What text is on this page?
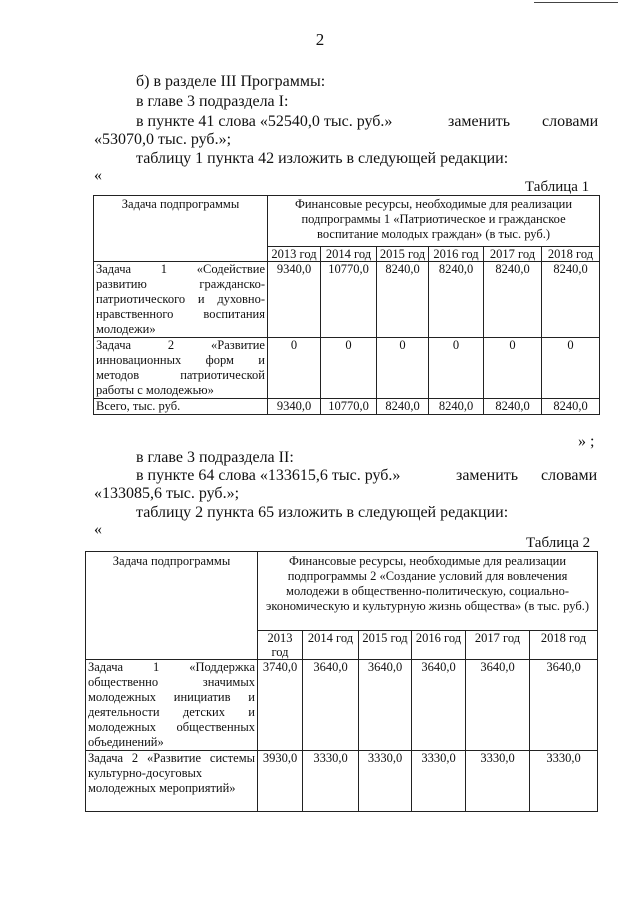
2
б) в разделе III Программы:
в главе 3 подраздела I:
в пункте 41 слова «52540,0 тыс. руб.»	заменить словами
«53070,0 тыс. руб.»;
таблицу 1 пункта 42 изложить в следующей редакции:
«
Таблица 1
Задача подпрограммы	Финансовые ресурсы, необходимые для реализации подпрограммы 1 «Патриотическое и гражданское воспитание молодых граждан» (в тыс. руб.)					
	2013 год	2014 год	2015 год	2016 год	2017 год	2018 год
Задача 1 «Содействие развитию гражданско-патриотического и духовно-нравственного воспитания молодежи»	9340,0	10770,0	8240,0	8240,0	8240,0	8240,0
Задача 2 «Развитие инновационных форм и методов патриотической работы с молодежью»	0	0	0	0	0	0
Всего, тыс. руб.	9340,0	10770,0	8240,0	8240,0	8240,0	8240,0
» ;
в главе 3 подраздела II:
в пункте 64 слова «133615,6 тыс. руб.»	заменить словами
«133085,6 тыс. руб.»;
таблицу 2 пункта 65 изложить в следующей редакции:
«
Таблица 2
Задача подпрограммы	Финансовые ресурсы, необходимые для реализации подпрограммы 2 «Создание условий для вовлечения молодежи в общественно-политическую, социально-экономическую и культурную жизнь общества» (в тыс. руб.)					
	2013 год	2014 год	2015 год	2016 год	2017 год	2018 год
Задача 1 «Поддержка общественно значимых молодежных инициатив и деятельности детских и молодежных общественных объединений»	3740,0	3640,0	3640,0	3640,0	3640,0	3640,0
Задача 2 «Развитие системы культурно-досуговых молодежных мероприятий»	3930,0	3330,0	3330,0	3330,0	3330,0	3330,0
